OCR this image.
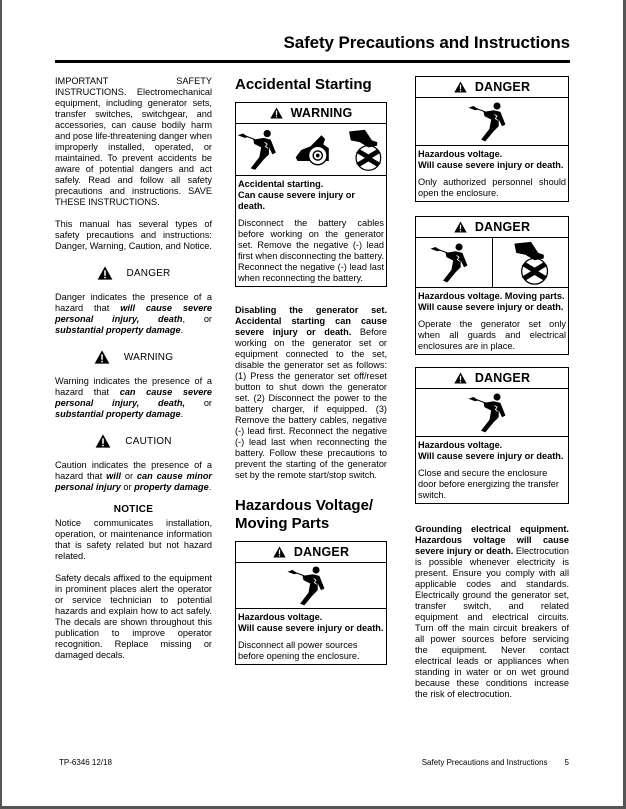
Safety Precautions and Instructions

IMPORTANT SAFETY INSTRUCTIONS. Electromechanical equipment, including generator sets, transfer switches, switchgear, and accessories, can cause bodily harm and pose life-threatening danger when improperly installed, operated, or maintained. To prevent accidents be aware of potential dangers and act safely. Read and follow all safety precautions and instructions. SAVE THESE INSTRUCTIONS.

This manual has several types of safety precautions and instructions: Danger, Warning, Caution, and Notice.

DANGER

Danger indicates the presence of a hazard that will cause severe personal injury, death, or substantial property damage.

WARNING

Warning indicates the presence of a hazard that can cause severe personal injury, death, or substantial property damage.

CAUTION

Caution indicates the presence of a hazard that will or can cause minor personal injury or property damage.

NOTICE

Notice communicates installation, operation, or maintenance information that is safety related but not hazard related.

Safety decals affixed to the equipment in prominent places alert the operator or service technician to potential hazards and explain how to act safely. The decals are shown throughout this publication to improve operator recognition. Replace missing or damaged decals.

Accidental Starting
WARNING
Accidental starting.
Can cause severe injury or death.

Disconnect the battery cables before working on the generator set. Remove the negative (-) lead first when disconnecting the battery. Reconnect the negative (-) lead last when reconnecting the battery.

Disabling the generator set. Accidental starting can cause severe injury or death. Before working on the generator set or equipment connected to the set, disable the generator set as follows: (1) Press the generator set off/reset button to shut down the generator set. (2) Disconnect the power to the battery charger, if equipped. (3) Remove the battery cables, negative (-) lead first. Reconnect the negative (-) lead last when reconnecting the battery. Follow these precautions to prevent the starting of the generator set by the remote start/stop switch.

Hazardous Voltage/ Moving Parts
DANGER
Hazardous voltage.
Will cause severe injury or death.

Disconnect all power sources before opening the enclosure.

DANGER
Hazardous voltage.
Will cause severe injury or death.

Only authorized personnel should open the enclosure.

DANGER
Hazardous voltage. Moving parts.
Will cause severe injury or death.

Operate the generator set only when all guards and electrical enclosures are in place.

DANGER
Hazardous voltage.
Will cause severe injury or death.

Close and secure the enclosure door before energizing the transfer switch.

Grounding electrical equipment. Hazardous voltage will cause severe injury or death. Electrocution is possible whenever electricity is present. Ensure you comply with all applicable codes and standards. Electrically ground the generator set, transfer switch, and related equipment and electrical circuits. Turn off the main circuit breakers of all power sources before servicing the equipment. Never contact electrical leads or appliances when standing in water or on wet ground because these conditions increase the risk of electrocution.

TP-6346 12/18	Safety Precautions and Instructions 5
